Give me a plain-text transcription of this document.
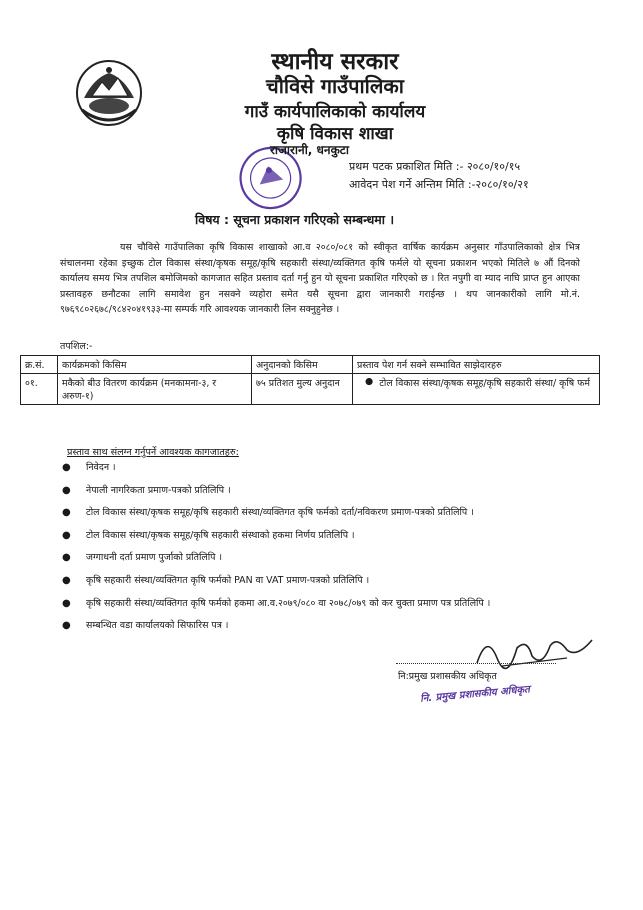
स्थानीय सरकार
चौविसे गाउँपालिका
गाउँ कार्यपालिकाको कार्यालय
कृषि विकास शाखा
राजारानी, धनकुटा
प्रथम पटक प्रकाशित मिति :- २०८०/१०/१५
आवेदन पेश गर्ने अन्तिम मिति :-२०८०/१०/२१
विषय : सूचना प्रकाशन गरिएको सम्बन्धमा ।
यस चौविसे गाउँपालिका कृषि विकास शाखाको आ.व २०८०/०८१ को स्वीकृत वार्षिक कार्यक्रम अनुसार गाँउपालिकाको क्षेत्र भित्र संचालनमा रहेका इच्छुक टोल विकास संस्था/कृषक समूह/कृषि सहकारी संस्था/व्यक्तिगत कृषि फर्मले यो सूचना प्रकाशन भएको मितिले ७ औं दिनको कार्यालय समय भित्र तपशिल बमोजिमको कागजात सहित प्रस्ताव दर्ता गर्नु हुन यो सूचना प्रकाशित गरिएको छ । रित नपुगी वा म्याद नाघि प्राप्त हुन आएका प्रस्तावहरु छनौटका लागि समावेश हुन नसक्ने व्यहोरा समेत यसै सूचना द्वारा जानकारी गराईन्छ । थप जानकारीको लागि मो.नं. ९७६९८०२६७८/९८४२०४१९३३-मा सम्पर्क गरि आवश्यक जानकारी लिन सक्नुहुनेछ ।
तपशिल:-
क्र.सं.	कार्यक्रमको किसिम	अनुदानको किसिम	प्रस्ताव पेश गर्न सक्ने सम्भावित साझेदारहरु
०१.	मकैको बीउ वितरण कार्यक्रम (मनकामना-३, र अरुण-१)	७५ प्रतिशत मुल्य अनुदान	● टोल विकास संस्था/कृषक समूह/कृषि सहकारी संस्था/ कृषि फर्म
प्रस्ताव साथ संलग्न गर्नुपर्ने आवश्यक कागजातहरु:
●	निवेदन ।
●	नेपाली नागरिकता प्रमाण-पत्रको प्रतिलिपि ।
●	टोल विकास संस्था/कृषक समूह/कृषि सहकारी संस्था/व्यक्तिगत कृषि फर्मको दर्ता/नविकरण प्रमाण-पत्रको प्रतिलिपि ।
●	टोल विकास संस्था/कृषक समूह/कृषि सहकारी संस्थाको हकमा निर्णय प्रतिलिपि ।
●	जग्गाधनी दर्ता प्रमाण पुर्जाको प्रतिलिपि ।
●	कृषि सहकारी संस्था/व्यक्तिगत कृषि फर्मको PAN वा VAT प्रमाण-पत्रको प्रतिलिपि ।
●	कृषि सहकारी संस्था/व्यक्तिगत कृषि फर्मको हकमा आ.व.२०७९/०८० वा २०७८/०७९ को कर चुक्ता प्रमाण पत्र प्रतिलिपि ।
●	सम्बन्धित वडा कार्यालयको सिफारिस पत्र ।
नि:प्रमुख प्रशासकीय अधिकृत
नि. प्रमुख प्रशासकीय अधिकृत
